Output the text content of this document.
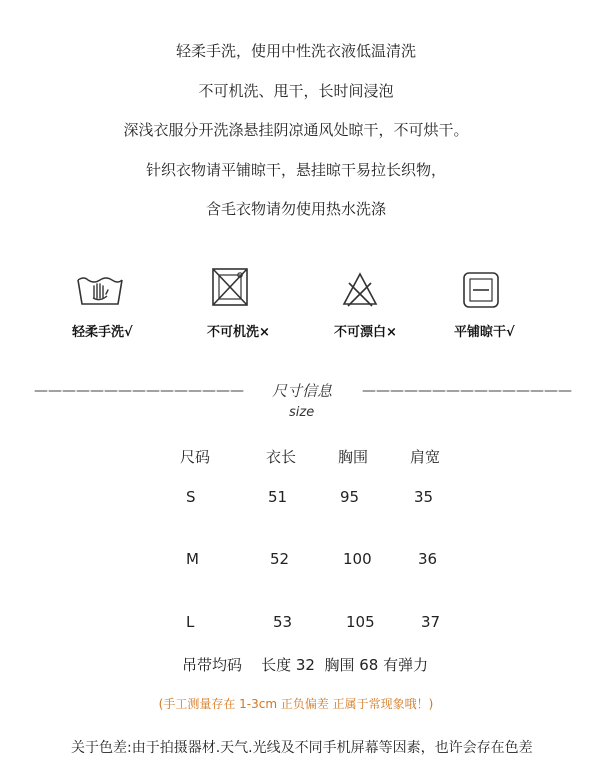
轻柔手洗，使用中性洗衣液低温清洗
不可机洗、甩干，长时间浸泡
深浅衣服分开洗涤悬挂阴凉通风处晾干，不可烘干。
针织衣物请平铺晾干，悬挂晾干易拉长织物，
含毛衣物请勿使用热水洗涤
轻柔手洗√	不可机洗×	不可漂白×	平铺晾干√
———————————————	尺寸信息 ———————————————
size
尺码	衣长	胸围	肩宽
S	51	95	35
M	52	100	36
L	53	105	37
吊带均码    长度 32  胸围 68 有弹力
(手工测量存在 1-3cm 正负偏差 正属于常现象哦！)
关于色差:由于拍摄器材.天气.光线及不同手机屏幕等因素，也许会存在色差
